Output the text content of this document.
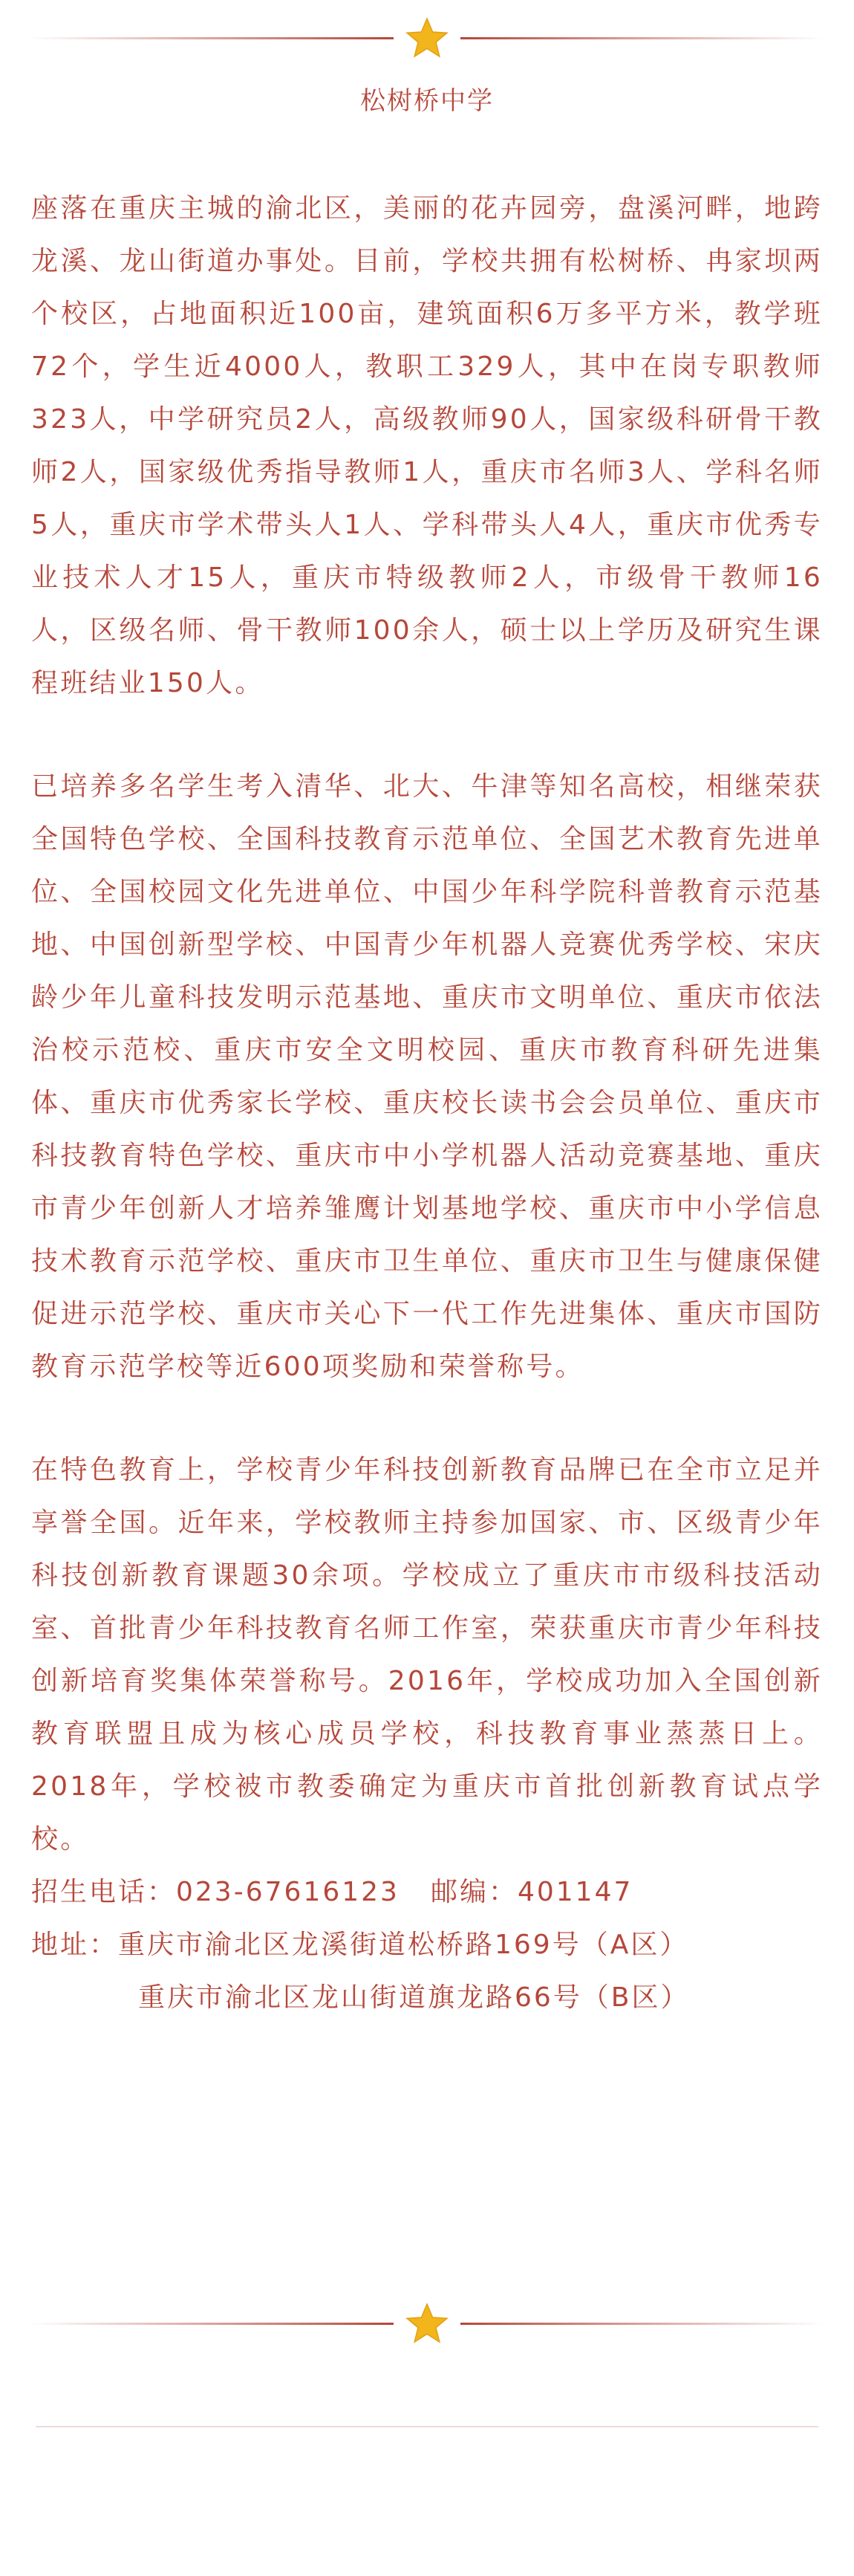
松树桥中学

座落在重庆主城的渝北区，美丽的花卉园旁，盘溪河畔，地跨龙溪、龙山街道办事处。目前，学校共拥有松树桥、冉家坝两个校区，占地面积近100亩，建筑面积6万多平方米，教学班72个，学生近4000人，教职工329人，其中在岗专职教师323人，中学研究员2人，高级教师90人，国家级科研骨干教师2人，国家级优秀指导教师1人，重庆市名师3人、学科名师5人，重庆市学术带头人1人、学科带头人4人，重庆市优秀专业技术人才15人，重庆市特级教师2人，市级骨干教师16人，区级名师、骨干教师100余人，硕士以上学历及研究生课程班结业150人。

已培养多名学生考入清华、北大、牛津等知名高校，相继荣获全国特色学校、全国科技教育示范单位、全国艺术教育先进单位、全国校园文化先进单位、中国少年科学院科普教育示范基地、中国创新型学校、中国青少年机器人竞赛优秀学校、宋庆龄少年儿童科技发明示范基地、重庆市文明单位、重庆市依法治校示范校、重庆市安全文明校园、重庆市教育科研先进集体、重庆市优秀家长学校、重庆校长读书会会员单位、重庆市科技教育特色学校、重庆市中小学机器人活动竞赛基地、重庆市青少年创新人才培养雏鹰计划基地学校、重庆市中小学信息技术教育示范学校、重庆市卫生单位、重庆市卫生与健康保健促进示范学校、重庆市关心下一代工作先进集体、重庆市国防教育示范学校等近600项奖励和荣誉称号。

在特色教育上，学校青少年科技创新教育品牌已在全市立足并享誉全国。近年来，学校教师主持参加国家、市、区级青少年科技创新教育课题30余项。学校成立了重庆市市级科技活动室、首批青少年科技教育名师工作室，荣获重庆市青少年科技创新培育奖集体荣誉称号。2016年，学校成功加入全国创新教育联盟且成为核心成员学校，科技教育事业蒸蒸日上。2018年，学校被市教委确定为重庆市首批创新教育试点学校。

招生电话：023-67616123 邮编：401147
地址：重庆市渝北区龙溪街道松桥路169号（A区）
重庆市渝北区龙山街道旗龙路66号（B区）
